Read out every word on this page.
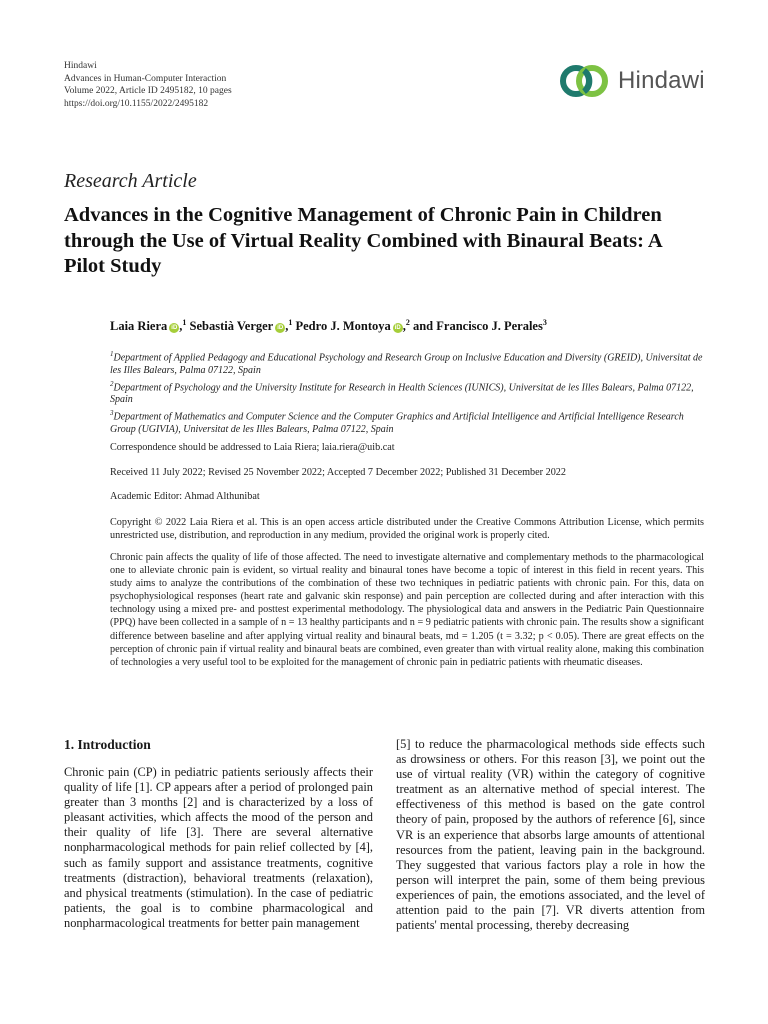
Hindawi
Advances in Human-Computer Interaction
Volume 2022, Article ID 2495182, 10 pages
https://doi.org/10.1155/2022/2495182
Hindawi
Research Article
Advances in the Cognitive Management of Chronic Pain in Children through the Use of Virtual Reality Combined with Binaural Beats: A Pilot Study
Laia Riera iD ,$^1$ Sebastià Verger iD ,$^1$ Pedro J. Montoya iD ,$^2$ and Francisco J. Perales$^3$
$^1$Department of Applied Pedagogy and Educational Psychology and Research Group on Inclusive Education and Diversity (GREID), Universitat de les Illes Balears, Palma 07122, Spain
$^2$Department of Psychology and the University Institute for Research in Health Sciences (IUNICS), Universitat de les Illes Balears, Palma 07122, Spain
$^3$Department of Mathematics and Computer Science and the Computer Graphics and Artificial Intelligence and Artificial Intelligence Research Group (UGIVIA), Universitat de les Illes Balears, Palma 07122, Spain
Correspondence should be addressed to Laia Riera; laia.riera@uib.cat
Received 11 July 2022; Revised 25 November 2022; Accepted 7 December 2022; Published 31 December 2022
Academic Editor: Ahmad Althunibat
Copyright © 2022 Laia Riera et al. This is an open access article distributed under the Creative Commons Attribution License, which permits unrestricted use, distribution, and reproduction in any medium, provided the original work is properly cited.
Chronic pain affects the quality of life of those affected. The need to investigate alternative and complementary methods to the pharmacological one to alleviate chronic pain is evident, so virtual reality and binaural tones have become a topic of interest in this field in recent years. This study aims to analyze the contributions of the combination of these two techniques in pediatric patients with chronic pain. For this, data on psychophysiological responses (heart rate and galvanic skin response) and pain perception are collected during and after interaction with this technology using a mixed pre- and posttest experimental methodology. The physiological data and answers in the Pediatric Pain Questionnaire (PPQ) have been collected in a sample of n = 13 healthy participants and n = 9 pediatric patients with chronic pain. The results show a significant difference between baseline and after applying virtual reality and binaural beats, md = 1.205 (t = 3.32; p < 0.05). There are great effects on the perception of chronic pain if virtual reality and binaural beats are combined, even greater than with virtual reality alone, making this combination of technologies a very useful tool to be exploited for the management of chronic pain in pediatric patients with rheumatic diseases.
1. Introduction
Chronic pain (CP) in pediatric patients seriously affects their quality of life [1]. CP appears after a period of prolonged pain greater than 3 months [2] and is characterized by a loss of pleasant activities, which affects the mood of the person and their quality of life [3]. There are several alternative nonpharmacological methods for pain relief collected by [4], such as family support and assistance treatments, cognitive treatments (distraction), behavioral treatments (relaxation), and physical treatments (stimulation). In the case of pediatric patients, the goal is to combine pharmacological and nonpharmacological treatments for better pain management
[5] to reduce the pharmacological methods side effects such as drowsiness or others. For this reason [3], we point out the use of virtual reality (VR) within the category of cognitive treatment as an alternative method of special interest. The effectiveness of this method is based on the gate control theory of pain, proposed by the authors of reference [6], since VR is an experience that absorbs large amounts of attentional resources from the patient, leaving pain in the background. They suggested that various factors play a role in how the person will interpret the pain, some of them being previous experiences of pain, the emotions associated, and the level of attention paid to the pain [7]. VR diverts attention from patients' mental processing, thereby decreasing
